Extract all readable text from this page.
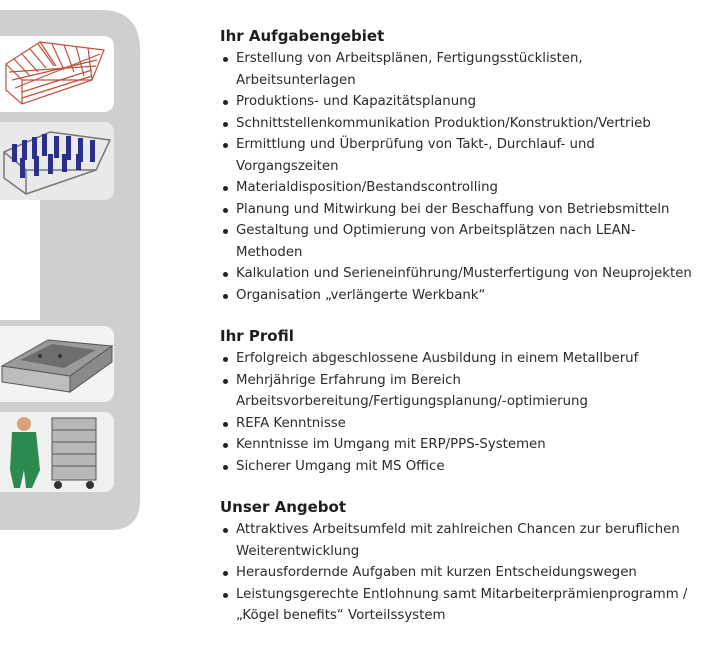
Ihr Aufgabengebiet
Erstellung von Arbeitsplänen, Fertigungsstücklisten, Arbeitsunterlagen
Produktions- und Kapazitätsplanung
Schnittstellenkommunikation Produktion/Konstruktion/Vertrieb
Ermittlung und Überprüfung von Takt-, Durchlauf- und Vorgangszeiten
Materialdisposition/Bestandscontrolling
Planung und Mitwirkung bei der Beschaffung von Betriebsmitteln
Gestaltung und Optimierung von Arbeitsplätzen nach LEAN-Methoden
Kalkulation und Serieneinführung/Musterfertigung von Neuprojekten
Organisation „verlängerte Werkbank“
Ihr Profil
Erfolgreich abgeschlossene Ausbildung in einem Metallberuf
Mehrjährige Erfahrung im Bereich Arbeitsvorbereitung/Fertigungsplanung/-optimierung
REFA Kenntnisse
Kenntnisse im Umgang mit ERP/PPS-Systemen
Sicherer Umgang mit MS Office
Unser Angebot
Attraktives Arbeitsumfeld mit zahlreichen Chancen zur beruflichen Weiterentwicklung
Herausfordernde Aufgaben mit kurzen Entscheidungswegen
Leistungsgerechte Entlohnung samt Mitarbeiterprämienprogramm / „Kögel benefits“ Vorteilssystem
